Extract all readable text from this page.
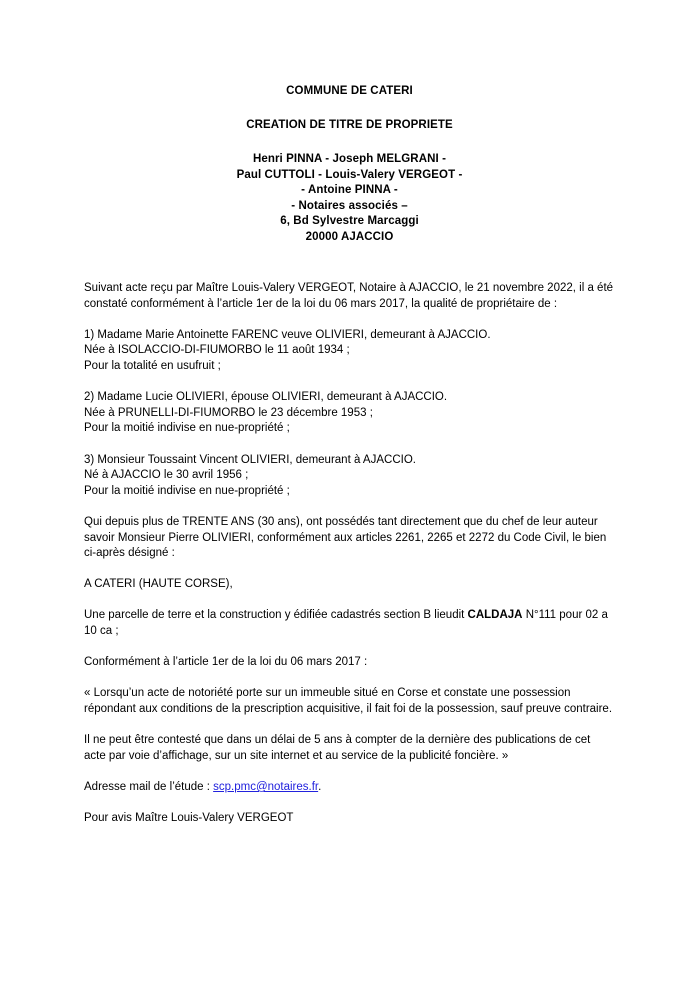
COMMUNE DE CATERI
CREATION DE TITRE DE PROPRIETE
Henri PINNA - Joseph MELGRANI -
Paul CUTTOLI - Louis-Valery VERGEOT -
- Antoine PINNA -
- Notaires associés –
6, Bd Sylvestre Marcaggi
20000 AJACCIO

Suivant acte reçu par Maître Louis-Valery VERGEOT, Notaire à AJACCIO, le 21 novembre 2022, il a été constaté conformément à l’article 1er de la loi du 06 mars 2017, la qualité de propriétaire de :

1) Madame Marie Antoinette FARENC veuve OLIVIERI, demeurant à AJACCIO.
Née à ISOLACCIO-DI-FIUMORBO le 11 août 1934 ;
Pour la totalité en usufruit ;

2) Madame Lucie OLIVIERI, épouse OLIVIERI, demeurant à AJACCIO.
Née à PRUNELLI-DI-FIUMORBO le 23 décembre 1953 ;
Pour la moitié indivise en nue-propriété ;

3) Monsieur Toussaint Vincent OLIVIERI, demeurant à AJACCIO.
Né à AJACCIO le 30 avril 1956 ;
Pour la moitié indivise en nue-propriété ;

Qui depuis plus de TRENTE ANS (30 ans), ont possédés tant directement que du chef de leur auteur savoir Monsieur Pierre OLIVIERI, conformément aux articles 2261, 2265 et 2272 du Code Civil, le bien ci-après désigné :

A CATERI (HAUTE CORSE),

Une parcelle de terre et la construction y édifiée cadastrés section B lieudit CALDAJA N°111 pour 02 a 10 ca ;

Conformément à l’article 1er de la loi du 06 mars 2017 :

« Lorsqu’un acte de notoriété porte sur un immeuble situé en Corse et constate une possession répondant aux conditions de la prescription acquisitive, il fait foi de la possession, sauf preuve contraire.

Il ne peut être contesté que dans un délai de 5 ans à compter de la dernière des publications de cet acte par voie d’affichage, sur un site internet et au service de la publicité foncière. »

Adresse mail de l’étude : scp.pmc@notaires.fr.

Pour avis Maître Louis-Valery VERGEOT
